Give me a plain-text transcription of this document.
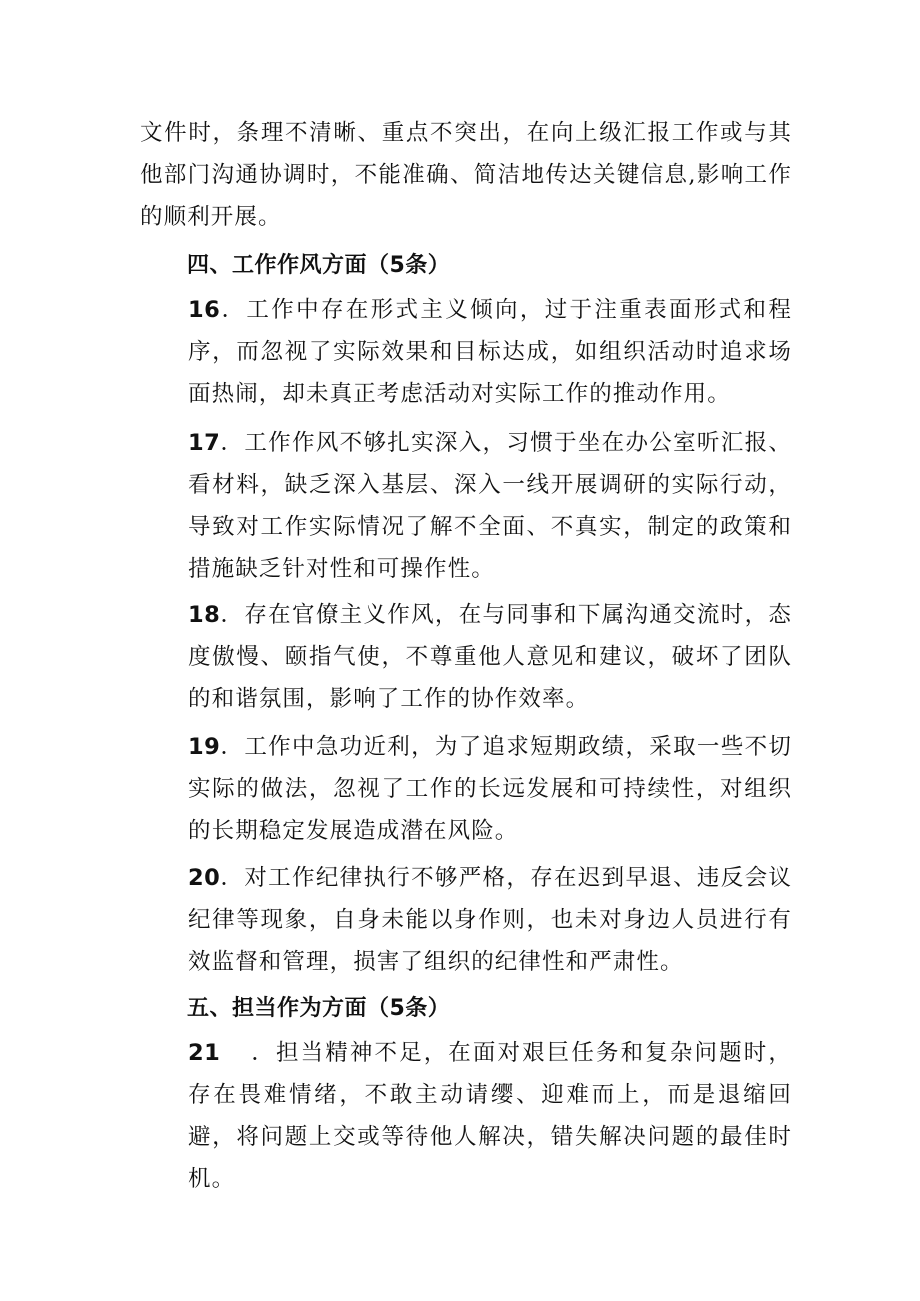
文件时，条理不清晰、重点不突出，在向上级汇报工作或与其他部门沟通协调时，不能准确、简洁地传达关键信息,影响工作的顺利开展。

四、工作作风方面（5条）

16．工作中存在形式主义倾向，过于注重表面形式和程序，而忽视了实际效果和目标达成，如组织活动时追求场面热闹，却未真正考虑活动对实际工作的推动作用。

17．工作作风不够扎实深入，习惯于坐在办公室听汇报、看材料，缺乏深入基层、深入一线开展调研的实际行动，导致对工作实际情况了解不全面、不真实，制定的政策和措施缺乏针对性和可操作性。

18．存在官僚主义作风，在与同事和下属沟通交流时，态度傲慢、颐指气使，不尊重他人意见和建议，破坏了团队的和谐氛围，影响了工作的协作效率。

19．工作中急功近利，为了追求短期政绩，采取一些不切实际的做法，忽视了工作的长远发展和可持续性，对组织的长期稳定发展造成潜在风险。

20．对工作纪律执行不够严格，存在迟到早退、违反会议纪律等现象，自身未能以身作则，也未对身边人员进行有效监督和管理，损害了组织的纪律性和严肃性。

五、担当作为方面（5条）

21 ．担当精神不足，在面对艰巨任务和复杂问题时，存在畏难情绪，不敢主动请缨、迎难而上，而是退缩回避，将问题上交或等待他人解决，错失解决问题的最佳时机。
